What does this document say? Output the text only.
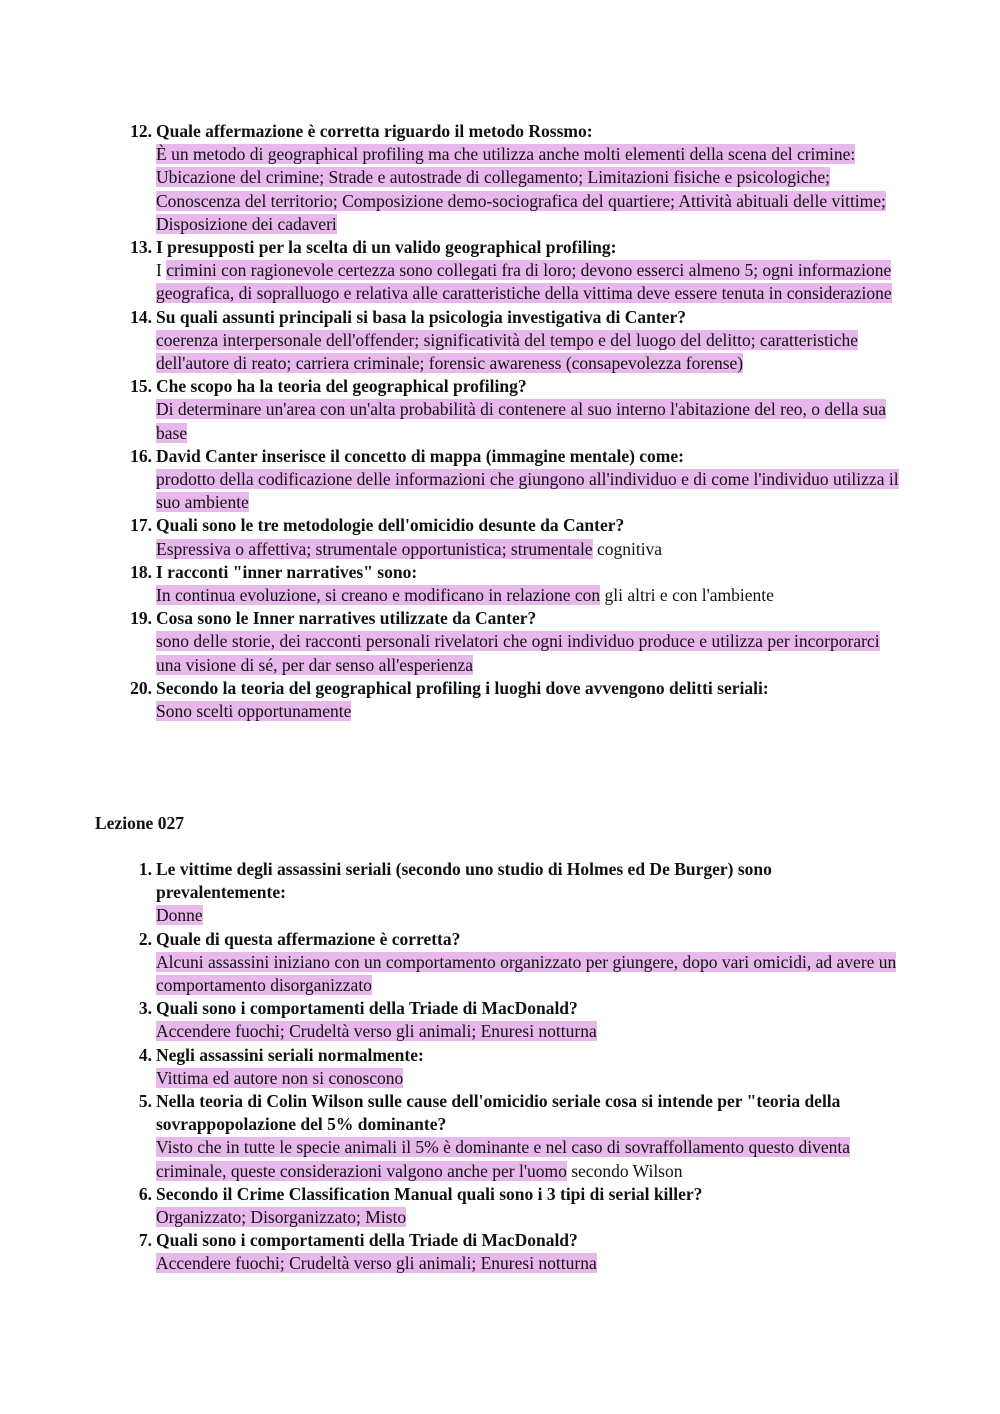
12. Quale affermazione è corretta riguardo il metodo Rossmo:
È un metodo di geographical profiling ma che utilizza anche molti elementi della scena del crimine: Ubicazione del crimine; Strade e autostrade di collegamento; Limitazioni fisiche e psicologiche; Conoscenza del territorio; Composizione demo-sociografica del quartiere; Attività abituali delle vittime; Disposizione dei cadaveri
13. I presupposti per la scelta di un valido geographical profiling:
I crimini con ragionevole certezza sono collegati fra di loro; devono esserci almeno 5; ogni informazione geografica, di sopralluogo e relativa alle caratteristiche della vittima deve essere tenuta in considerazione
14. Su quali assunti principali si basa la psicologia investigativa di Canter?
coerenza interpersonale dell'offender; significatività del tempo e del luogo del delitto; caratteristiche dell'autore di reato; carriera criminale; forensic awareness (consapevolezza forense)
15. Che scopo ha la teoria del geographical profiling?
Di determinare un'area con un'alta probabilità di contenere al suo interno l'abitazione del reo, o della sua base
16. David Canter inserisce il concetto di mappa (immagine mentale) come:
prodotto della codificazione delle informazioni che giungono all'individuo e di come l'individuo utilizza il suo ambiente
17. Quali sono le tre metodologie dell'omicidio desunte da Canter?
Espressiva o affettiva; strumentale opportunistica; strumentale cognitiva
18. I racconti "inner narratives" sono:
In continua evoluzione, si creano e modificano in relazione con gli altri e con l'ambiente
19. Cosa sono le Inner narratives utilizzate da Canter?
sono delle storie, dei racconti personali rivelatori che ogni individuo produce e utilizza per incorporarci una visione di sé, per dar senso all'esperienza
20. Secondo la teoria del geographical profiling i luoghi dove avvengono delitti seriali:
Sono scelti opportunamente

Lezione 027

1. Le vittime degli assassini seriali (secondo uno studio di Holmes ed De Burger) sono prevalentemente:
Donne
2. Quale di questa affermazione è corretta?
Alcuni assassini iniziano con un comportamento organizzato per giungere, dopo vari omicidi, ad avere un comportamento disorganizzato
3. Quali sono i comportamenti della Triade di MacDonald?
Accendere fuochi; Crudeltà verso gli animali; Enuresi notturna
4. Negli assassini seriali normalmente:
Vittima ed autore non si conoscono
5. Nella teoria di Colin Wilson sulle cause dell'omicidio seriale cosa si intende per "teoria della sovrappopolazione del 5% dominante?
Visto che in tutte le specie animali il 5% è dominante e nel caso di sovraffollamento questo diventa criminale, queste considerazioni valgono anche per l'uomo secondo Wilson
6. Secondo il Crime Classification Manual quali sono i 3 tipi di serial killer?
Organizzato; Disorganizzato; Misto
7. Quali sono i comportamenti della Triade di MacDonald?
Accendere fuochi; Crudeltà verso gli animali; Enuresi notturna
